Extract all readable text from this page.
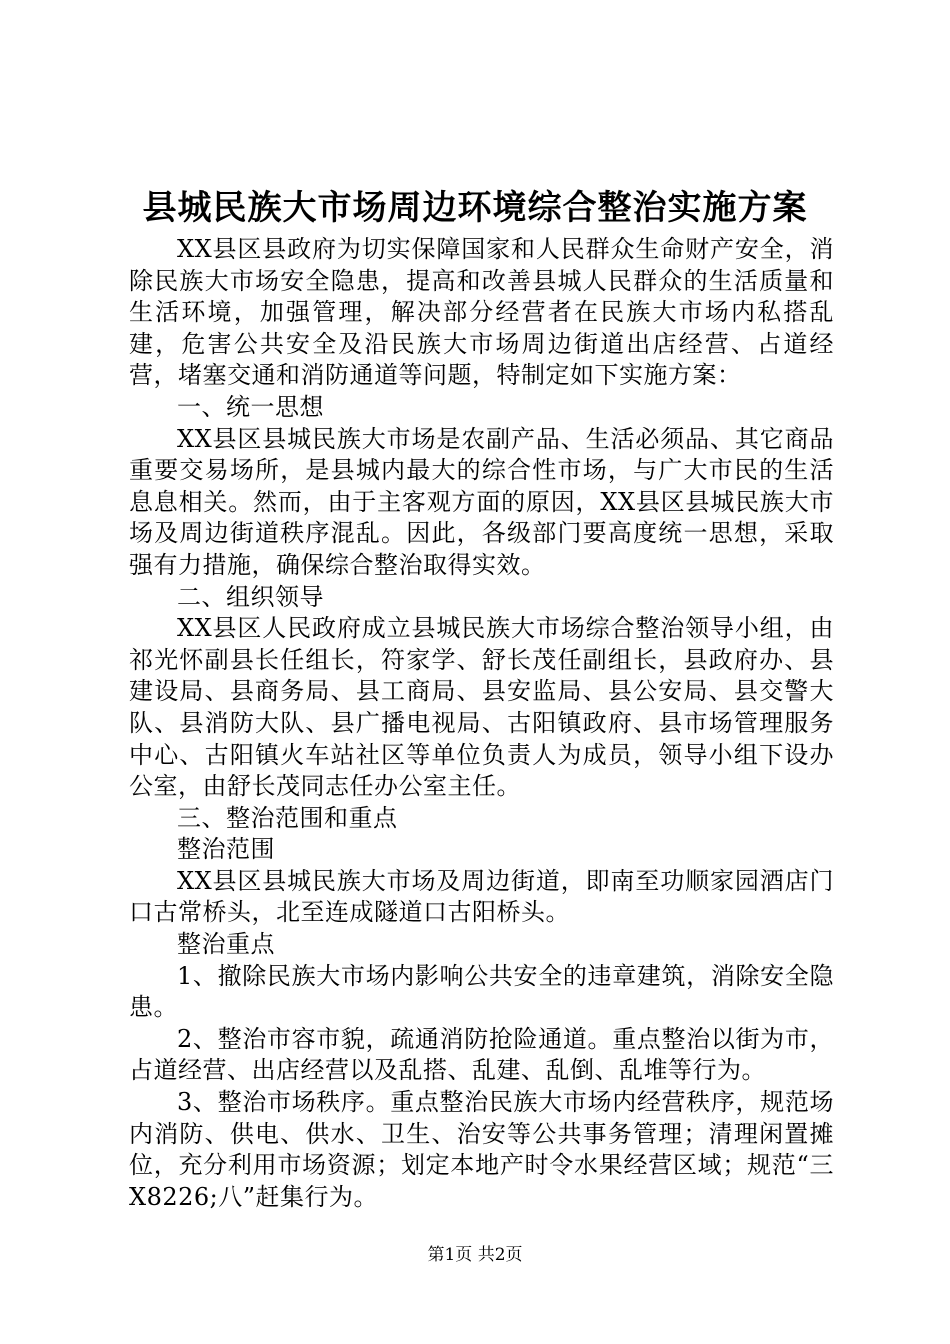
县城民族大市场周边环境综合整治实施方案

XX县区县政府为切实保障国家和人民群众生命财产安全，消除民族大市场安全隐患，提高和改善县城人民群众的生活质量和生活环境，加强管理，解决部分经营者在民族大市场内私搭乱建，危害公共安全及沿民族大市场周边街道出店经营、占道经营，堵塞交通和消防通道等问题，特制定如下实施方案：

一、统一思想

XX县区县城民族大市场是农副产品、生活必须品、其它商品重要交易场所，是县城内最大的综合性市场，与广大市民的生活息息相关。然而，由于主客观方面的原因，XX县区县城民族大市场及周边街道秩序混乱。因此，各级部门要高度统一思想，采取强有力措施，确保综合整治取得实效。

二、组织领导

XX县区人民政府成立县城民族大市场综合整治领导小组，由祁光怀副县长任组长，符家学、舒长茂任副组长，县政府办、县建设局、县商务局、县工商局、县安监局、县公安局、县交警大队、县消防大队、县广播电视局、古阳镇政府、县市场管理服务中心、古阳镇火车站社区等单位负责人为成员，领导小组下设办公室，由舒长茂同志任办公室主任。

三、整治范围和重点

整治范围

XX县区县城民族大市场及周边街道，即南至功顺家园酒店门口古常桥头，北至连成隧道口古阳桥头。

整治重点

1、撤除民族大市场内影响公共安全的违章建筑，消除安全隐患。

2、整治市容市貌，疏通消防抢险通道。重点整治以街为市，占道经营、出店经营以及乱搭、乱建、乱倒、乱堆等行为。

3、整治市场秩序。重点整治民族大市场内经营秩序，规范场内消防、供电、供水、卫生、治安等公共事务管理；清理闲置摊位，充分利用市场资源；划定本地产时令水果经营区域；规范“三X8226;八”赶集行为。

第1页 共2页
